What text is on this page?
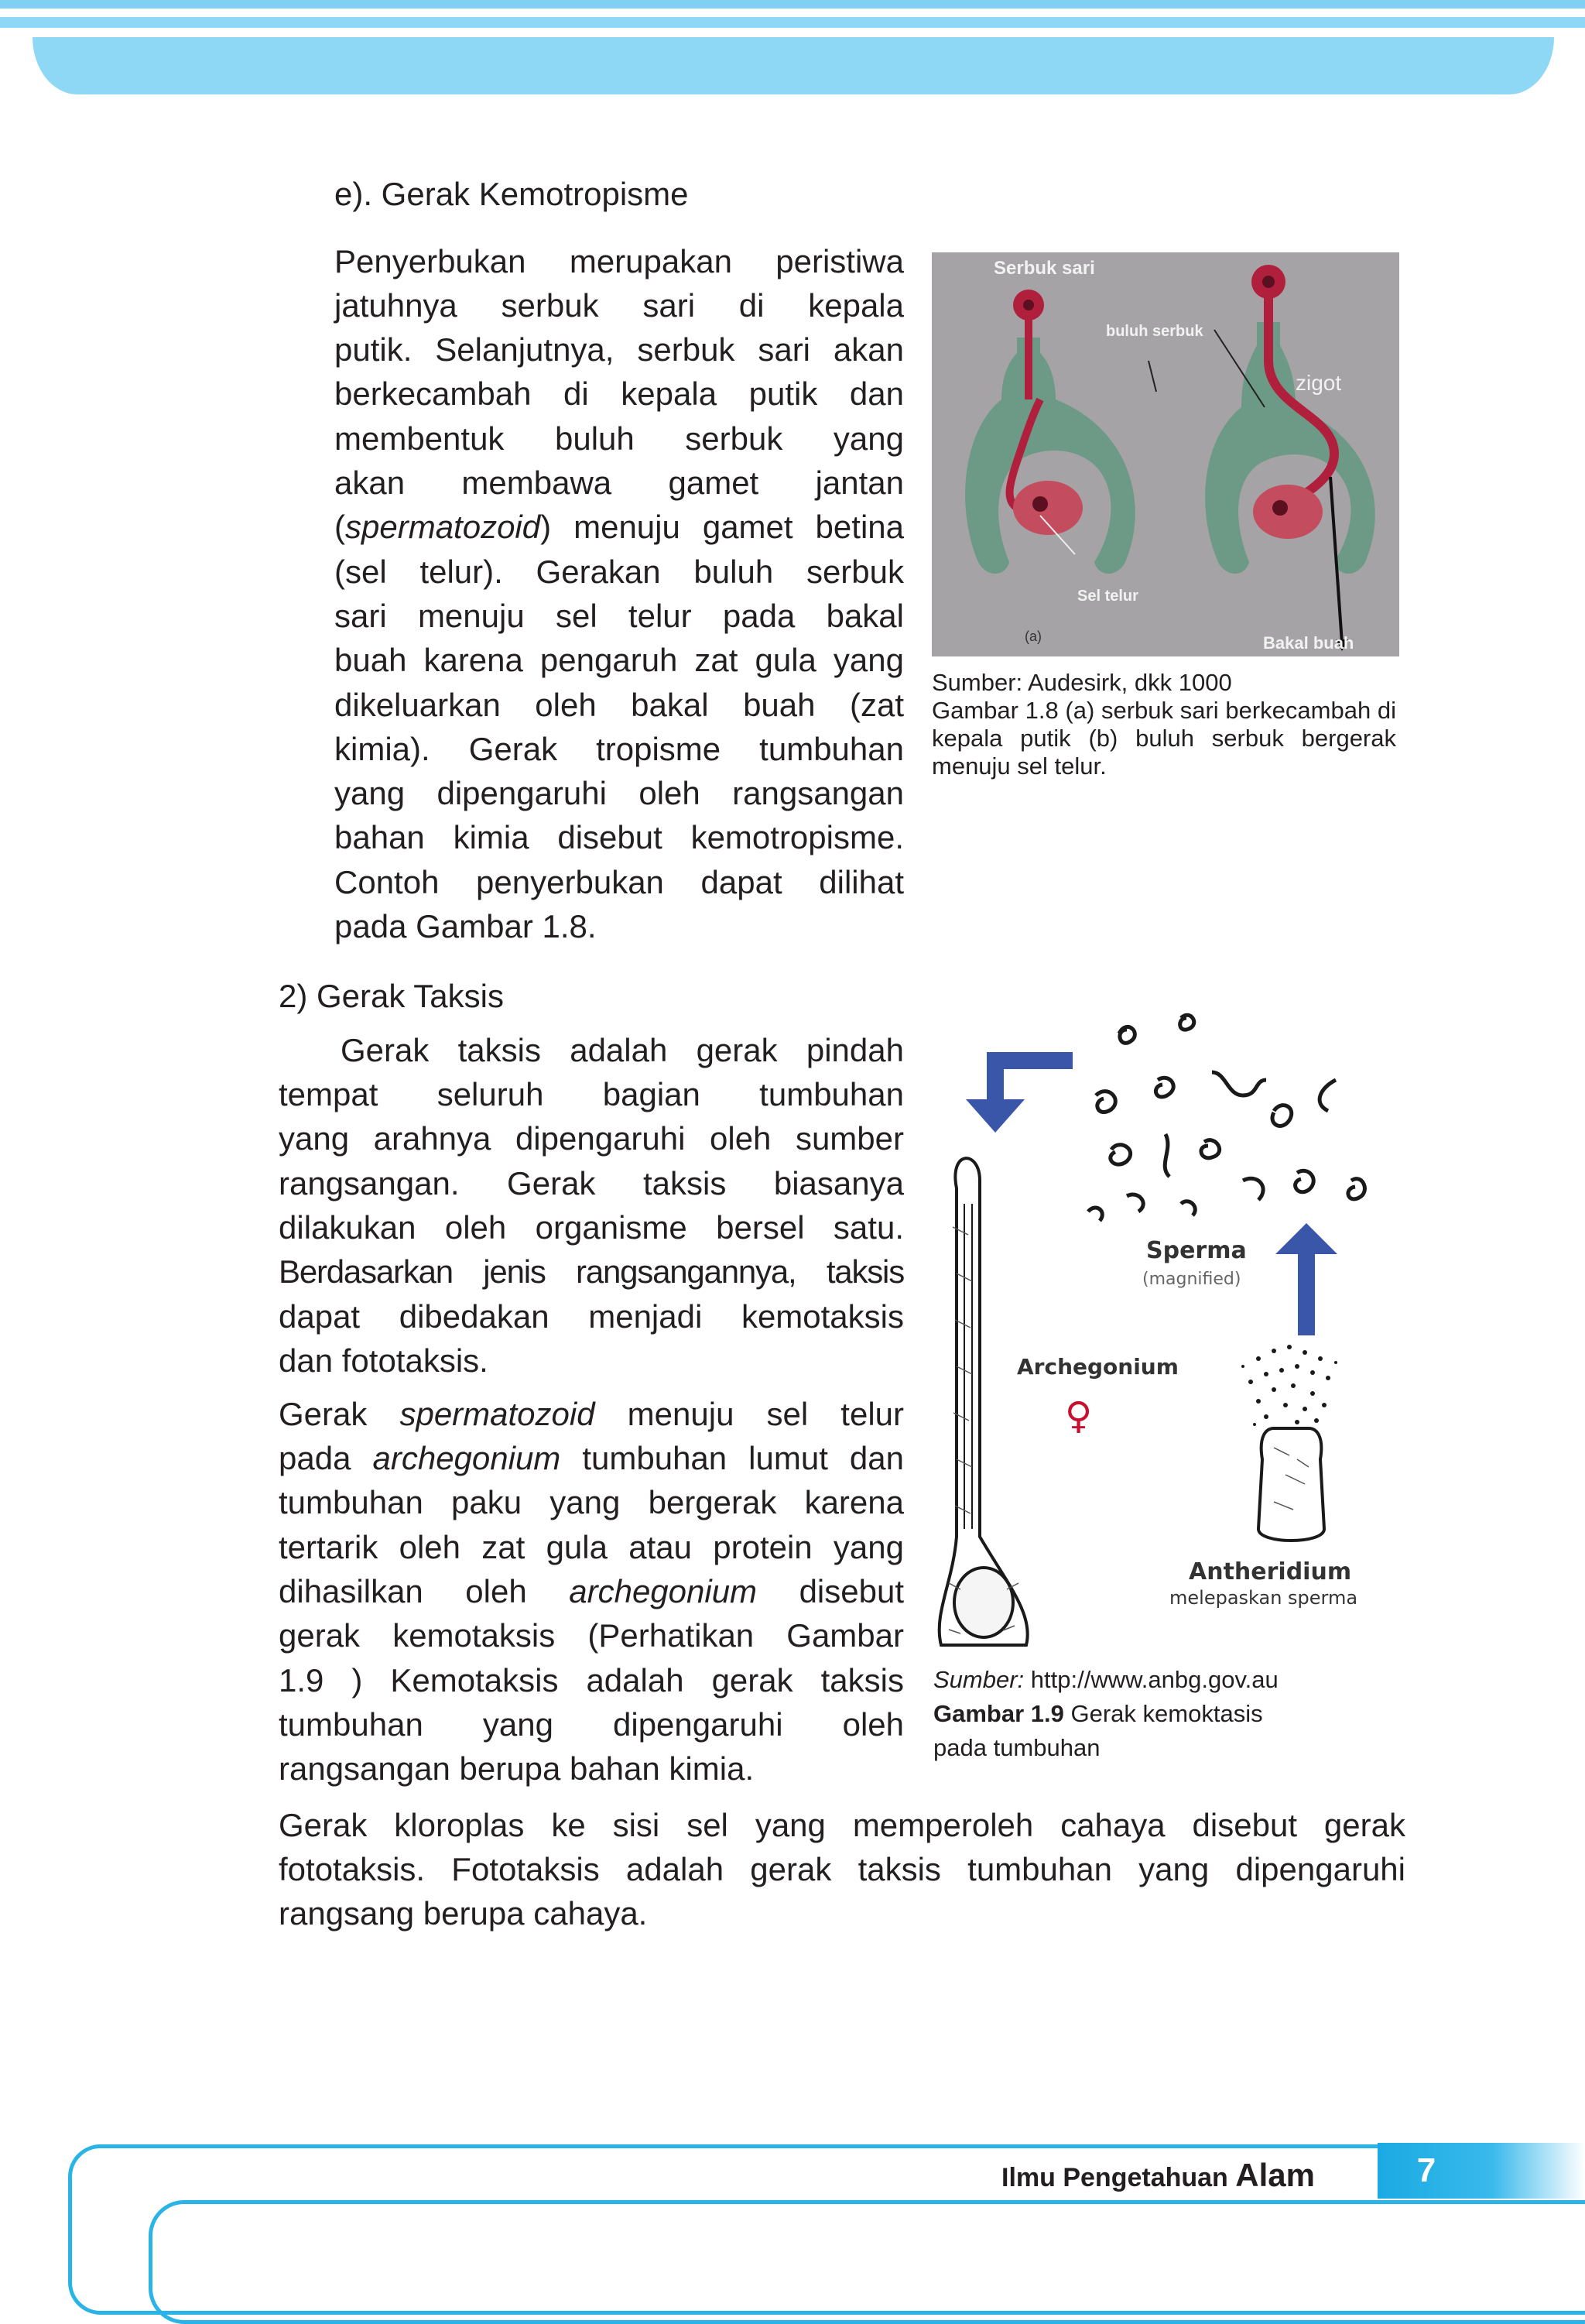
e). Gerak Kemotropisme

Penyerbukan merupakan peristiwa

jatuhnya serbuk sari di kepala

putik. Selanjutnya, serbuk sari akan

berkecambah di kepala putik dan

membentuk buluh serbuk yang

akan membawa gamet jantan

(spermatozoid) menuju gamet betina

(sel telur). Gerakan buluh serbuk

sari menuju sel telur pada bakal

buah karena pengaruh zat gula yang

dikeluarkan oleh bakal buah (zat

kimia). Gerak tropisme tumbuhan

yang dipengaruhi oleh rangsangan

bahan kimia disebut kemotropisme.

Contoh penyerbukan dapat dilihat

pada Gambar 1.8.

Serbuk sari
buluh serbuk
zigot
Sel telur
Bakal buah
(a)
Sumber: Audesirk, dkk 1000

Gambar 1.8 (a) serbuk sari berkecambah di kepala putik (b) buluh serbuk bergerak menuju sel telur.

2) Gerak Taksis

Gerak taksis adalah gerak pindah

tempat seluruh bagian tumbuhan

yang arahnya dipengaruhi oleh sumber

rangsangan. Gerak taksis biasanya

dilakukan oleh organisme bersel satu.

Berdasarkan jenis rangsangannya, taksis

dapat dibedakan menjadi kemotaksis

dan fototaksis.

Gerak spermatozoid menuju sel telur

pada archegonium tumbuhan lumut dan

tumbuhan paku yang bergerak karena

tertarik oleh zat gula atau protein yang

dihasilkan oleh archegonium disebut

gerak kemotaksis (Perhatikan Gambar

1.9 ) Kemotaksis adalah gerak taksis

tumbuhan yang dipengaruhi oleh

rangsangan berupa bahan kimia.

Sperma
(magnified)
Archegonium
♀
Antheridium
melepaskan sperma
Sumber: http://www.anbg.gov.au
Gambar 1.9 Gerak kemoktasis
pada tumbuhan

Gerak kloroplas ke sisi sel yang memperoleh cahaya disebut gerak

fototaksis. Fototaksis adalah gerak taksis tumbuhan yang dipengaruhi

rangsang berupa cahaya.

Ilmu Pengetahuan Alam	7
